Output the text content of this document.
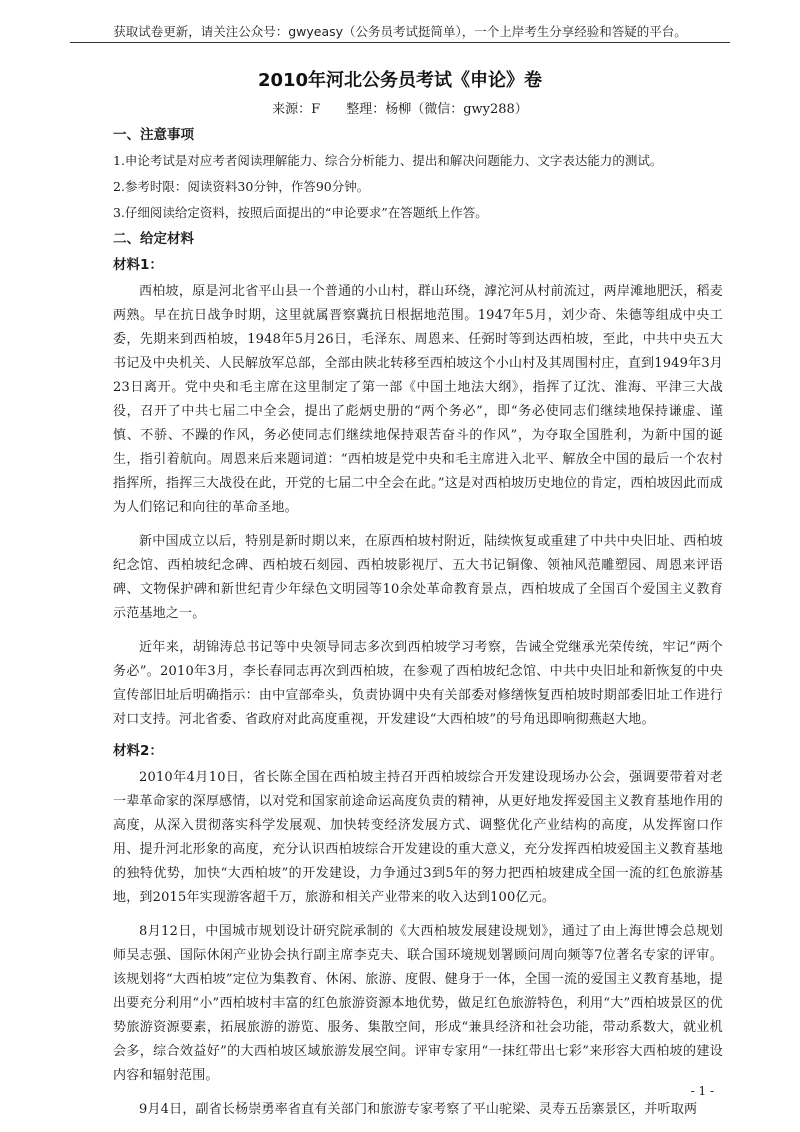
获取试卷更新，请关注公众号：gwyeasy（公务员考试挺简单），一个上岸考生分享经验和答疑的平台。
2010年河北公务员考试《申论》卷
来源：F　　整理：杨柳（微信：gwy288）
一、注意事项
1.申论考试是对应考者阅读理解能力、综合分析能力、提出和解决问题能力、文字表达能力的测试。
2.参考时限：阅读资料30分钟，作答90分钟。
3.仔细阅读给定资料，按照后面提出的“申论要求”在答题纸上作答。
二、给定材料
材料1：

西柏坡，原是河北省平山县一个普通的小山村，群山环绕，滹沱河从村前流过，两岸滩地肥沃，稻麦两熟。早在抗日战争时期，这里就属晋察冀抗日根据地范围。1947年5月，刘少奇、朱德等组成中央工委，先期来到西柏坡，1948年5月26日，毛泽东、周恩来、任弼时等到达西柏坡，至此，中共中央五大书记及中央机关、人民解放军总部，全部由陕北转移至西柏坡这个小山村及其周围村庄，直到1949年3月23日离开。党中央和毛主席在这里制定了第一部《中国土地法大纲》，指挥了辽沈、淮海、平津三大战役，召开了中共七届二中全会，提出了彪炳史册的“两个务必”，即“务必使同志们继续地保持谦虚、谨慎、不骄、不躁的作风，务必使同志们继续地保持艰苦奋斗的作风”，为夺取全国胜利，为新中国的诞生，指引着航向。周恩来后来题词道：“西柏坡是党中央和毛主席进入北平、解放全中国的最后一个农村指挥所，指挥三大战役在此，开党的七届二中全会在此。”这是对西柏坡历史地位的肯定，西柏坡因此而成为人们铭记和向往的革命圣地。

新中国成立以后，特别是新时期以来，在原西柏坡村附近，陆续恢复或重建了中共中央旧址、西柏坡纪念馆、西柏坡纪念碑、西柏坡石刻园、西柏坡影视厅、五大书记铜像、领袖风范雕塑园、周恩来评语碑、文物保护碑和新世纪青少年绿色文明园等10余处革命教育景点，西柏坡成了全国百个爱国主义教育示范基地之一。

近年来，胡锦涛总书记等中央领导同志多次到西柏坡学习考察，告诫全党继承光荣传统，牢记“两个务必”。2010年3月，李长春同志再次到西柏坡，在参观了西柏坡纪念馆、中共中央旧址和新恢复的中央宣传部旧址后明确指示：由中宣部牵头，负责协调中央有关部委对修缮恢复西柏坡时期部委旧址工作进行对口支持。河北省委、省政府对此高度重视，开发建设“大西柏坡”的号角迅即响彻燕赵大地。

材料2：

2010年4月10日，省长陈全国在西柏坡主持召开西柏坡综合开发建设现场办公会，强调要带着对老一辈革命家的深厚感情，以对党和国家前途命运高度负责的精神，从更好地发挥爱国主义教育基地作用的高度，从深入贯彻落实科学发展观、加快转变经济发展方式、调整优化产业结构的高度，从发挥窗口作用、提升河北形象的高度，充分认识西柏坡综合开发建设的重大意义，充分发挥西柏坡爱国主义教育基地的独特优势，加快“大西柏坡”的开发建设，力争通过3到5年的努力把西柏坡建成全国一流的红色旅游基地，到2015年实现游客超千万，旅游和相关产业带来的收入达到100亿元。

8月12日，中国城市规划设计研究院承制的《大西柏坡发展建设规划》，通过了由上海世博会总规划师吴志强、国际休闲产业协会执行副主席李克夫、联合国环境规划署顾问周向频等7位著名专家的评审。该规划将“大西柏坡”定位为集教育、休闲、旅游、度假、健身于一体，全国一流的爱国主义教育基地，提出要充分利用“小”西柏坡村丰富的红色旅游资源本地优势，做足红色旅游特色，利用“大”西柏坡景区的优势旅游资源要素，拓展旅游的游览、服务、集散空间，形成“兼具经济和社会功能，带动系数大，就业机会多，综合效益好”的大西柏坡区域旅游发展空间。评审专家用“一抹红带出七彩”来形容大西柏坡的建设内容和辐射范围。

9月4日，副省长杨崇勇率省直有关部门和旅游专家考察了平山驼梁、灵寿五岳寨景区，并听取两

- 1 -
